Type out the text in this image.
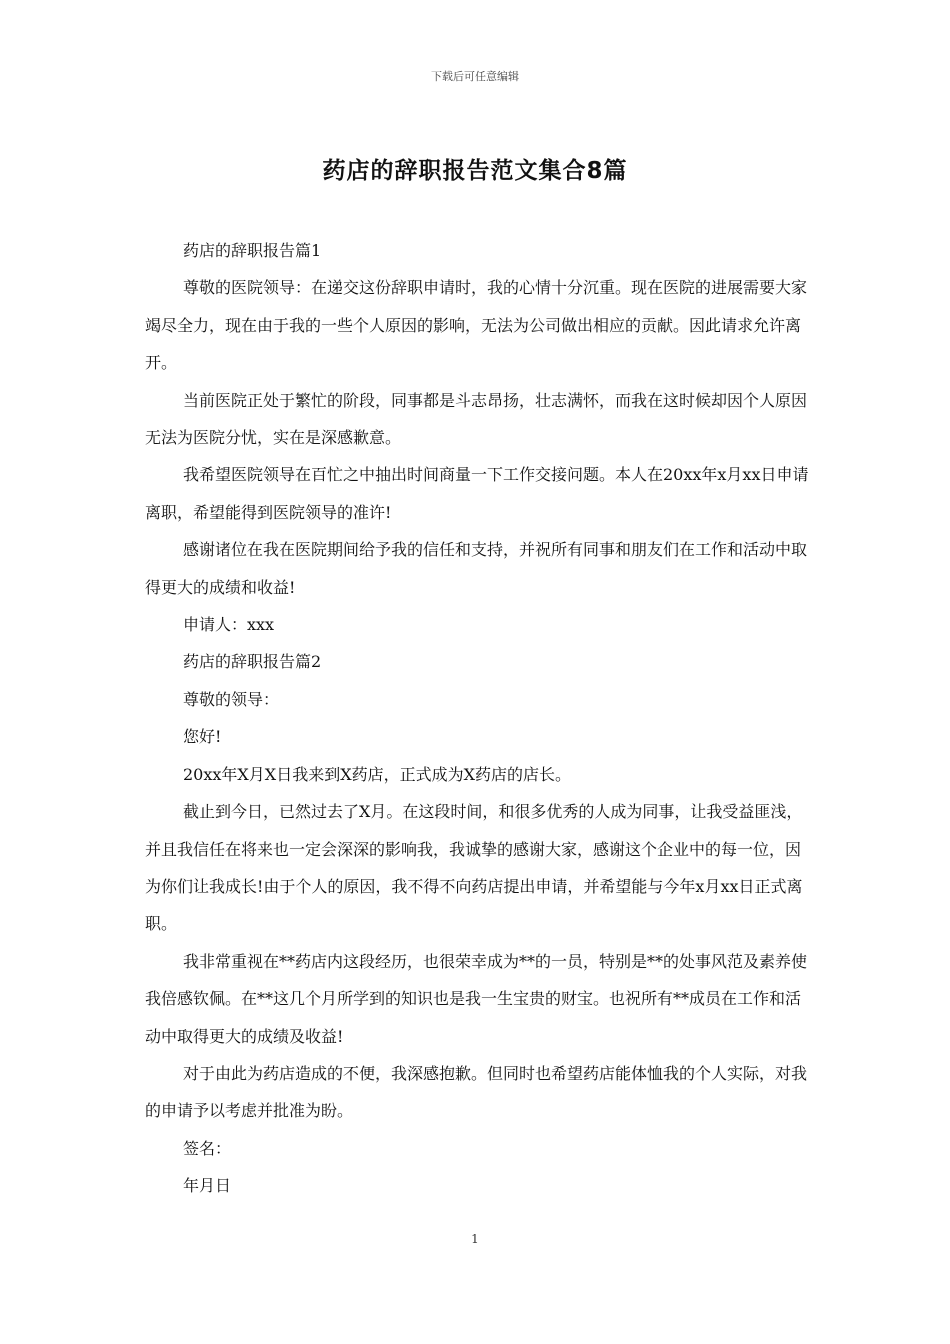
下载后可任意编辑
药店的辞职报告范文集合8篇

药店的辞职报告篇1

尊敬的医院领导：在递交这份辞职申请时，我的心情十分沉重。现在医院的进展需要大家竭尽全力，现在由于我的一些个人原因的影响，无法为公司做出相应的贡献。因此请求允许离开。

当前医院正处于繁忙的阶段，同事都是斗志昂扬，壮志满怀，而我在这时候却因个人原因无法为医院分忧，实在是深感歉意。

我希望医院领导在百忙之中抽出时间商量一下工作交接问题。本人在20xx年x月xx日申请离职，希望能得到医院领导的准许!

感谢诸位在我在医院期间给予我的信任和支持，并祝所有同事和朋友们在工作和活动中取得更大的成绩和收益!

申请人：xxx

药店的辞职报告篇2

尊敬的领导：

您好!

20xx年X月X日我来到X药店，正式成为X药店的店长。

截止到今日，已然过去了X月。在这段时间，和很多优秀的人成为同事，让我受益匪浅，并且我信任在将来也一定会深深的影响我，我诚挚的感谢大家，感谢这个企业中的每一位，因为你们让我成长!由于个人的原因，我不得不向药店提出申请，并希望能与今年x月xx日正式离职。

我非常重视在**药店内这段经历，也很荣幸成为**的一员，特别是**的处事风范及素养使我倍感钦佩。在**这几个月所学到的知识也是我一生宝贵的财宝。也祝所有**成员在工作和活动中取得更大的成绩及收益!

对于由此为药店造成的不便，我深感抱歉。但同时也希望药店能体恤我的个人实际，对我的申请予以考虑并批准为盼。

签名：

年月日

1
